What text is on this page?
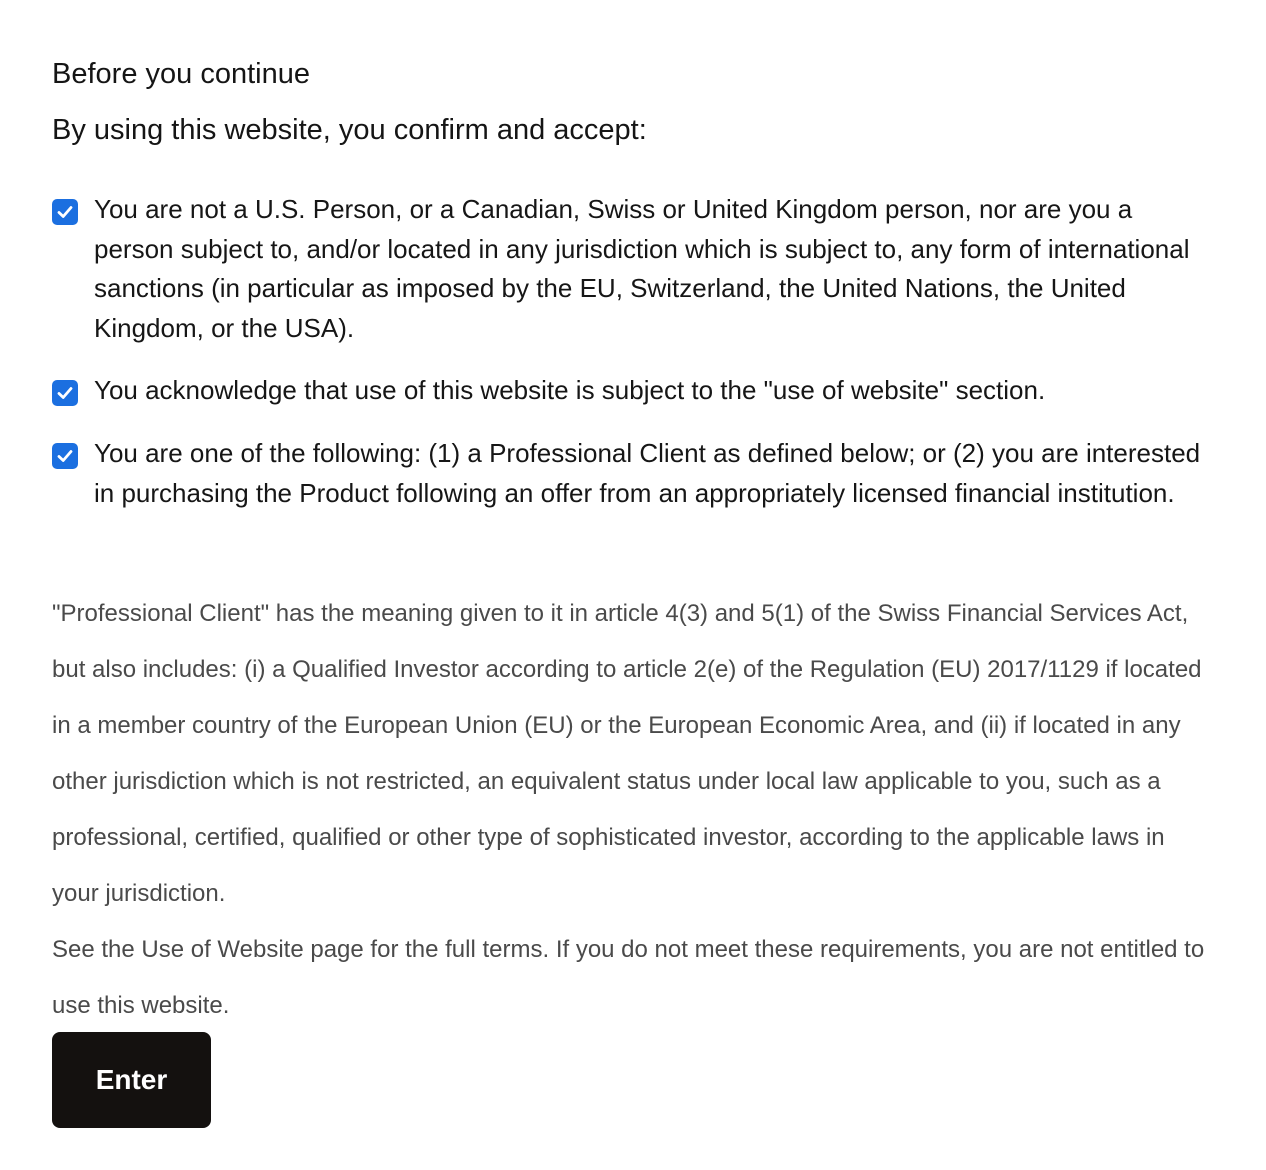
Before you continue
By using this website, you confirm and accept:
You are not a U.S. Person, or a Canadian, Swiss or United Kingdom person, nor are you a person subject to, and/or located in any jurisdiction which is subject to, any form of international sanctions (in particular as imposed by the EU, Switzerland, the United Nations, the United Kingdom, or the USA).
You acknowledge that use of this website is subject to the "use of website" section.
You are one of the following: (1) a Professional Client as defined below; or (2) you are interested in purchasing the Product following an offer from an appropriately licensed financial institution.

"Professional Client" has the meaning given to it in article 4(3) and 5(1) of the Swiss Financial Services Act, but also includes: (i) a Qualified Investor according to article 2(e) of the Regulation (EU) 2017/1129 if located in a member country of the European Union (EU) or the European Economic Area, and (ii) if located in any other jurisdiction which is not restricted, an equivalent status under local law applicable to you, such as a professional, certified, qualified or other type of sophisticated investor, according to the applicable laws in your jurisdiction.

See the Use of Website page for the full terms. If you do not meet these requirements, you are not entitled to use this website.

Enter
